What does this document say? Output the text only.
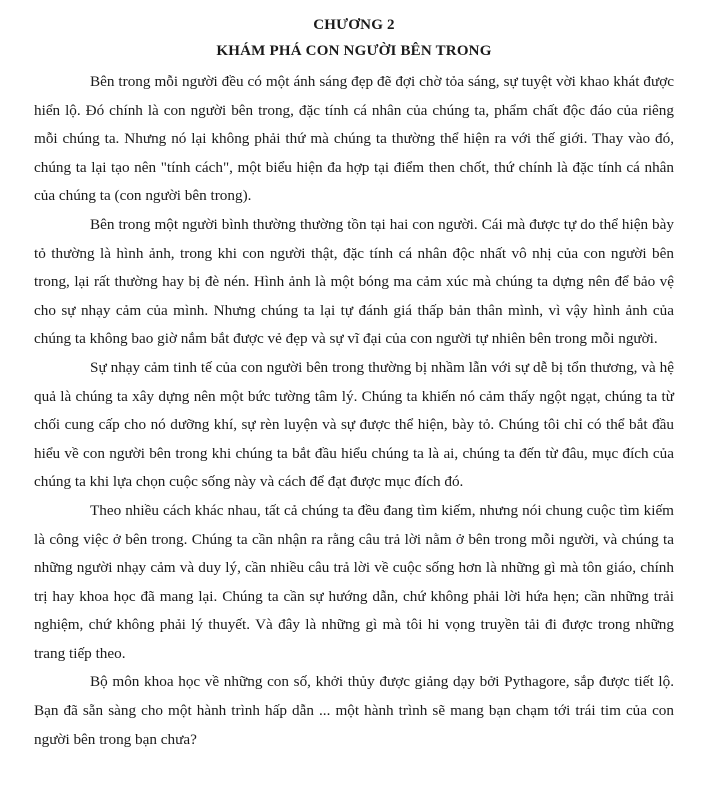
CHƯƠNG 2
KHÁM PHÁ CON NGƯỜI BÊN TRONG

Bên trong mỗi người đều có một ánh sáng đẹp đẽ đợi chờ tỏa sáng, sự tuyệt vời khao khát được hiển lộ. Đó chính là con người bên trong, đặc tính cá nhân của chúng ta, phẩm chất độc đáo của riêng mỗi chúng ta. Nhưng nó lại không phải thứ mà chúng ta thường thể hiện ra với thế giới. Thay vào đó, chúng ta lại tạo nên "tính cách", một biểu hiện đa hợp tại điểm then chốt, thứ chính là đặc tính cá nhân của chúng ta (con người bên trong).

Bên trong một người bình thường thường tồn tại hai con người. Cái mà được tự do thể hiện bày tỏ thường là hình ảnh, trong khi con người thật, đặc tính cá nhân độc nhất vô nhị của con người bên trong, lại rất thường hay bị đè nén. Hình ảnh là một bóng ma cảm xúc mà chúng ta dựng nên để bảo vệ cho sự nhạy cảm của mình. Nhưng chúng ta lại tự đánh giá thấp bản thân mình, vì vậy hình ảnh của chúng ta không bao giờ nắm bắt được vẻ đẹp và sự vĩ đại của con người tự nhiên bên trong mỗi người.

Sự nhạy cảm tinh tế của con người bên trong thường bị nhầm lẫn với sự dễ bị tổn thương, và hệ quả là chúng ta xây dựng nên một bức tường tâm lý. Chúng ta khiến nó cảm thấy ngột ngạt, chúng ta từ chối cung cấp cho nó dưỡng khí, sự rèn luyện và sự được thể hiện, bày tỏ. Chúng tôi chỉ có thể bắt đầu hiểu về con người bên trong khi chúng ta bắt đầu hiểu chúng ta là ai, chúng ta đến từ đâu, mục đích của chúng ta khi lựa chọn cuộc sống này và cách để đạt được mục đích đó.

Theo nhiều cách khác nhau, tất cả chúng ta đều đang tìm kiếm, nhưng nói chung cuộc tìm kiếm là công việc ở bên trong. Chúng ta cần nhận ra rằng câu trả lời nằm ở bên trong mỗi người, và chúng ta những người nhạy cảm và duy lý, cần nhiều câu trả lời về cuộc sống hơn là những gì mà tôn giáo, chính trị hay khoa học đã mang lại. Chúng ta cần sự hướng dẫn, chứ không phải lời hứa hẹn; cần những trải nghiệm, chứ không phải lý thuyết. Và đây là những gì mà tôi hi vọng truyền tải đi được trong những trang tiếp theo.

Bộ môn khoa học về những con số, khởi thủy được giảng dạy bởi Pythagore, sắp được tiết lộ. Bạn đã sẵn sàng cho một hành trình hấp dẫn ... một hành trình sẽ mang bạn chạm tới trái tim của con người bên trong bạn chưa?
